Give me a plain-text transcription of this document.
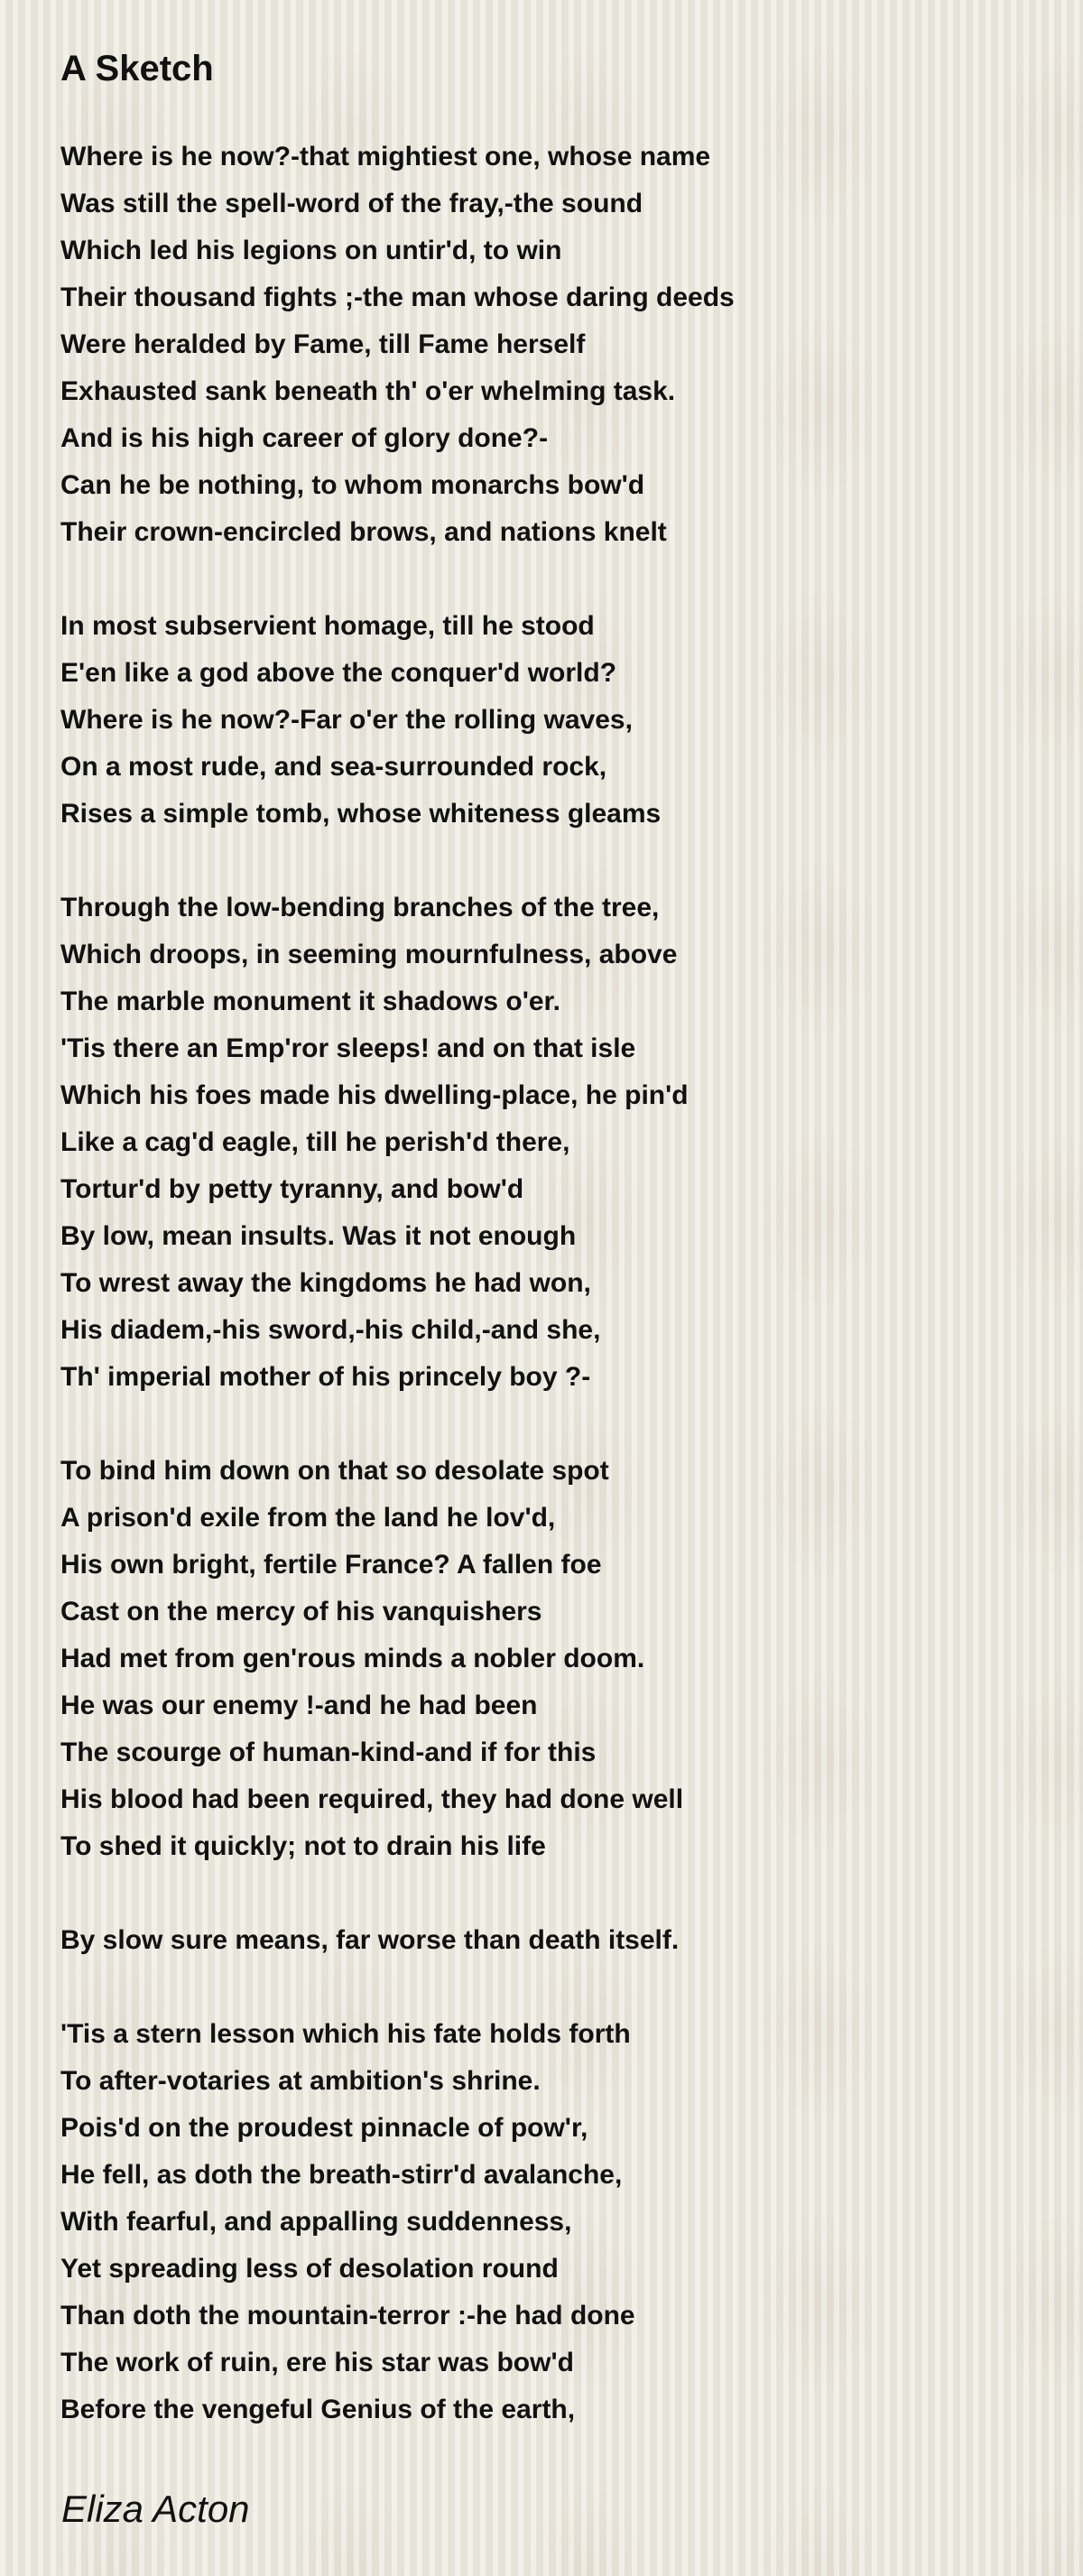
A Sketch
Where is he now?-that mightiest one, whose name
Was still the spell-word of the fray,-the sound
Which led his legions on untir'd, to win
Their thousand fights ;-the man whose daring deeds
Were heralded by Fame, till Fame herself
Exhausted sank beneath th' o'er whelming task.
And is his high career of glory done?-
Can he be nothing, to whom monarchs bow'd
Their crown-encircled brows, and nations knelt
In most subservient homage, till he stood
E'en like a god above the conquer'd world?
Where is he now?-Far o'er the rolling waves,
On a most rude, and sea-surrounded rock,
Rises a simple tomb, whose whiteness gleams
Through the low-bending branches of the tree,
Which droops, in seeming mournfulness, above
The marble monument it shadows o'er.
'Tis there an Emp'ror sleeps! and on that isle
Which his foes made his dwelling-place, he pin'd
Like a cag'd eagle, till he perish'd there,
Tortur'd by petty tyranny, and bow'd
By low, mean insults. Was it not enough
To wrest away the kingdoms he had won,
His diadem,-his sword,-his child,-and she,
Th' imperial mother of his princely boy ?-
To bind him down on that so desolate spot
A prison'd exile from the land he lov'd,
His own bright, fertile France? A fallen foe
Cast on the mercy of his vanquishers
Had met from gen'rous minds a nobler doom.
He was our enemy !-and he had been
The scourge of human-kind-and if for this
His blood had been required, they had done well
To shed it quickly; not to drain his life
By slow sure means, far worse than death itself.
'Tis a stern lesson which his fate holds forth
To after-votaries at ambition's shrine.
Pois'd on the proudest pinnacle of pow'r,
He fell, as doth the breath-stirr'd avalanche,
With fearful, and appalling suddenness,
Yet spreading less of desolation round
Than doth the mountain-terror :-he had done
The work of ruin, ere his star was bow'd
Before the vengeful Genius of the earth,

Eliza Acton
